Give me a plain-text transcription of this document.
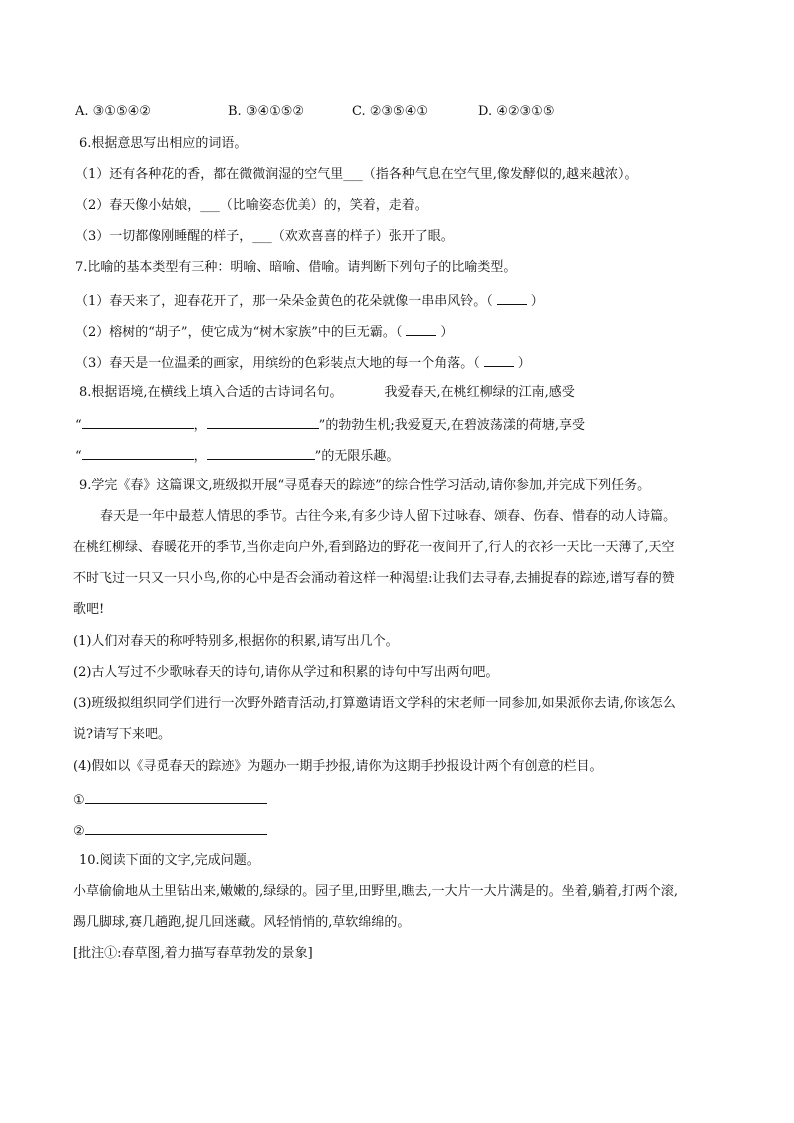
A. ③①⑤④②	B. ③④①⑤②	C. ②③⑤④①	D. ④②③①⑤
6.根据意思写出相应的词语。
（1）还有各种花的香，都在微微润湿的空气里___（指各种气息在空气里,像发酵似的,越来越浓）。
（2）春天像小姑娘，___（比喻姿态优美）的，笑着，走着。
（3）一切都像刚睡醒的样子，___（欢欢喜喜的样子）张开了眼。
7.比喻的基本类型有三种：明喻、暗喻、借喻。请判断下列句子的比喻类型。
（1）春天来了，迎春花开了，那一朵朵金黄色的花朵就像一串串风铃。（	）
（2）榕树的“胡子”，使它成为“树木家族”中的巨无霸。（	）
（3）春天是一位温柔的画家，用缤纷的色彩装点大地的每一个角落。（	）
8.根据语境,在横线上填入合适的古诗词名句。	我爱春天,在桃红柳绿的江南,感受
“	，	”的勃勃生机;我爱夏天,在碧波荡漾的荷塘,享受
“	，	”的无限乐趣。
9.学完《春》这篇课文,班级拟开展“寻觅春天的踪迹”的综合性学习活动,请你参加,并完成下列任务。
春天是一年中最惹人情思的季节。古往今来,有多少诗人留下过咏春、颂春、伤春、惜春的动人诗篇。
在桃红柳绿、春暖花开的季节,当你走向户外,看到路边的野花一夜间开了,行人的衣衫一天比一天薄了,天空
不时飞过一只又一只小鸟,你的心中是否会涌动着这样一种渴望:让我们去寻春,去捕捉春的踪迹,谱写春的赞
歌吧!
(1)人们对春天的称呼特别多,根据你的积累,请写出几个。
(2)古人写过不少歌咏春天的诗句,请你从学过和积累的诗句中写出两句吧。
(3)班级拟组织同学们进行一次野外踏青活动,打算邀请语文学科的宋老师一同参加,如果派你去请,你该怎么
说?请写下来吧。
(4)假如以《寻觅春天的踪迹》为题办一期手抄报,请你为这期手抄报设计两个有创意的栏目。
①
②
10.阅读下面的文字,完成问题。
小草偷偷地从土里钻出来,嫩嫩的,绿绿的。园子里,田野里,瞧去,一大片一大片满是的。坐着,躺着,打两个滚,
踢几脚球,赛几趟跑,捉几回迷藏。风轻悄悄的,草软绵绵的。
[批注①:春草图,着力描写春草勃发的景象]
